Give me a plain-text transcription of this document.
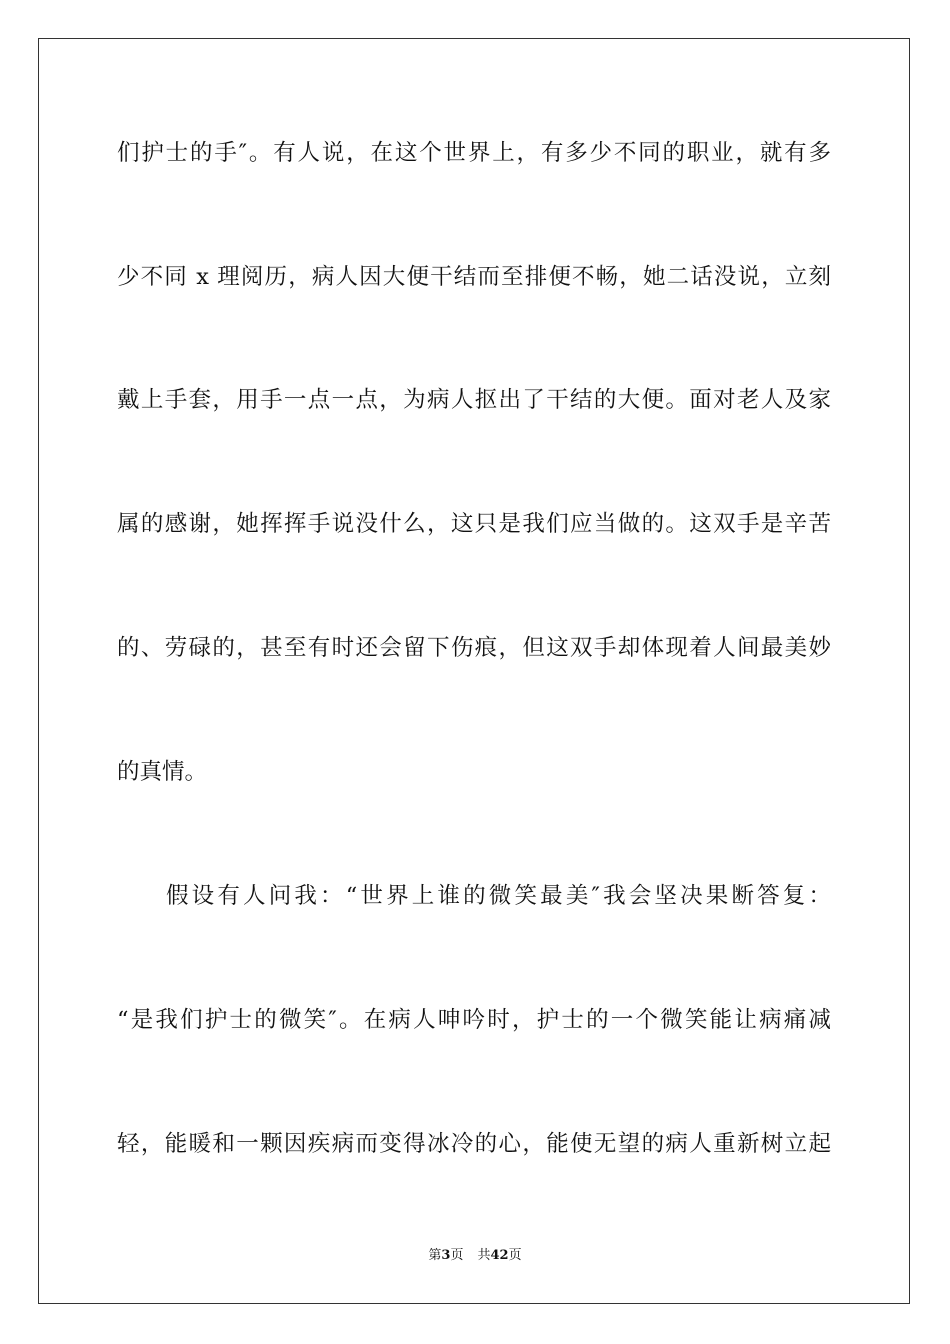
们护士的手″。有人说，在这个世界上，有多少不同的职业，就有多
少不同 x 理阅历，病人因大便干结而至排便不畅，她二话没说，立刻
戴上手套，用手一点一点，为病人抠出了干结的大便。面对老人及家
属的感谢，她挥挥手说没什么，这只是我们应当做的。这双手是辛苦
的、劳碌的，甚至有时还会留下伤痕，但这双手却体现着人间最美妙
的真情。
假设有人问我：“世界上谁的微笑最美″我会坚决果断答复：
“是我们护士的微笑″。在病人呻吟时，护士的一个微笑能让病痛减
轻，能暖和一颗因疾病而变得冰冷的心，能使无望的病人重新树立起
第3页 共42页
